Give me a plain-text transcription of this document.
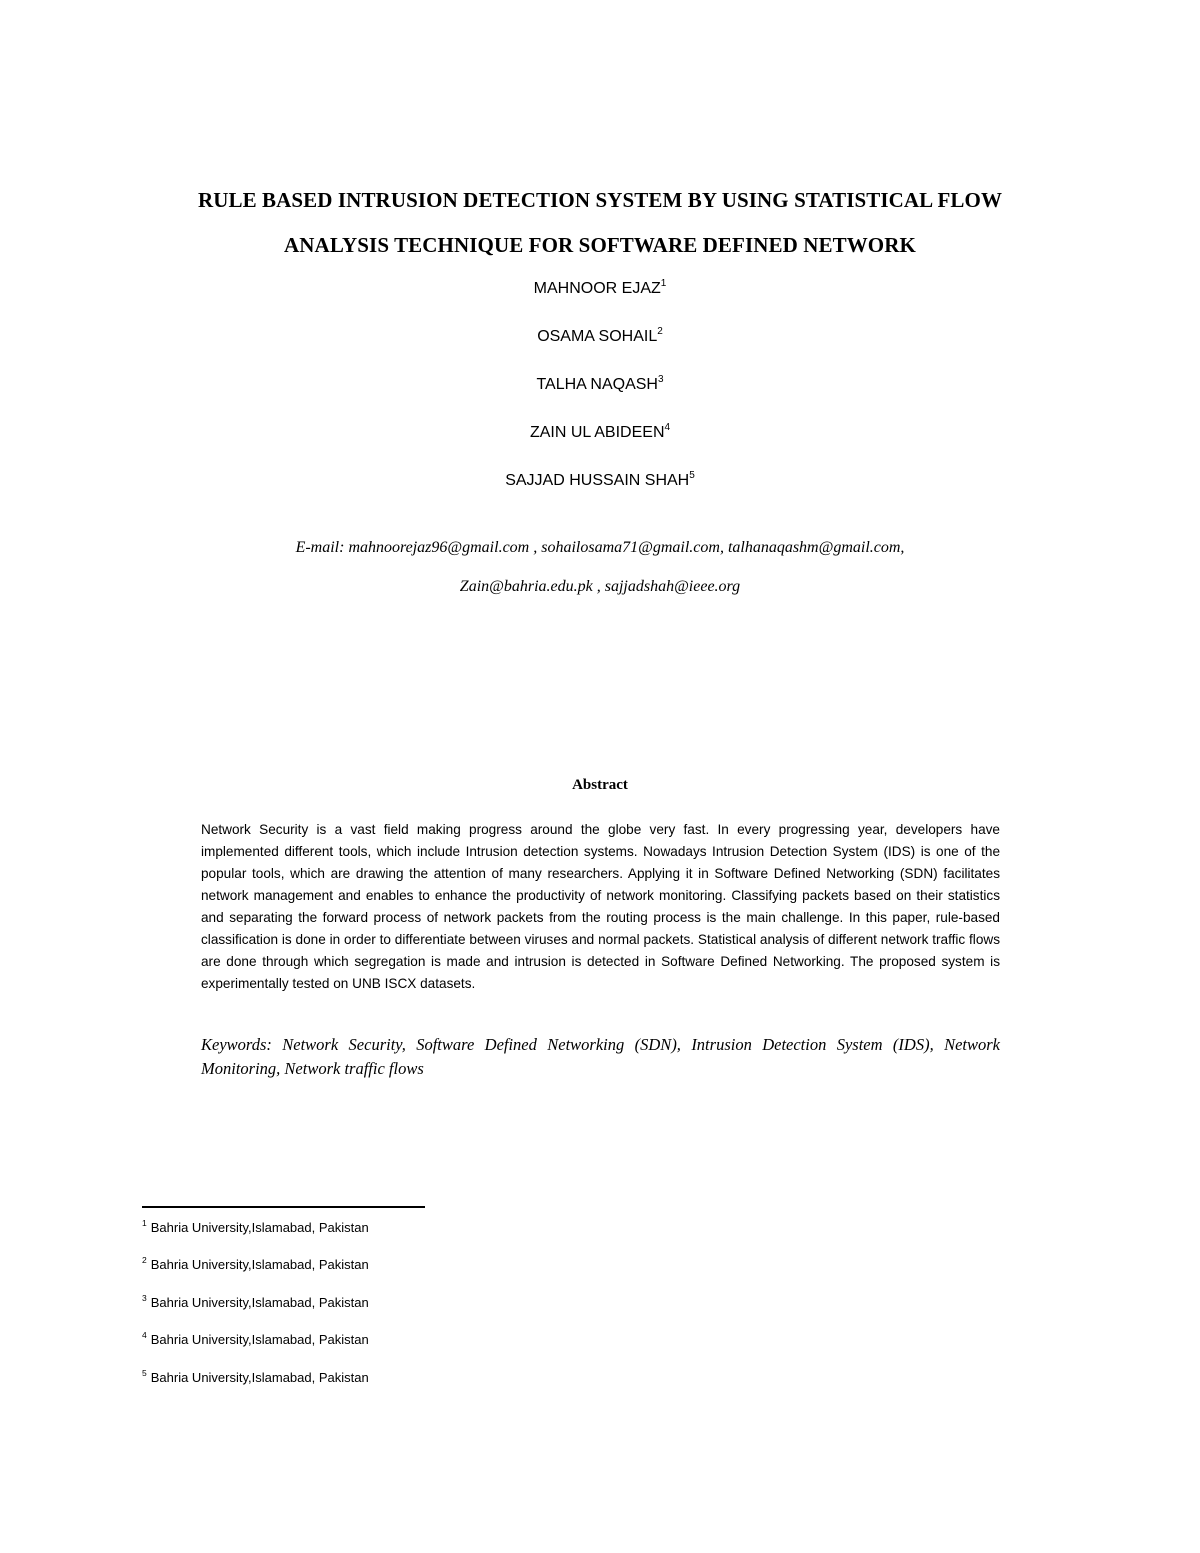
RULE BASED INTRUSION DETECTION SYSTEM BY USING STATISTICAL FLOW
ANALYSIS TECHNIQUE FOR SOFTWARE DEFINED NETWORK
MAHNOOR EJAZ$^1$
OSAMA SOHAIL$^2$
TALHA NAQASH$^3$
ZAIN UL ABIDEEN$^4$
SAJJAD HUSSAIN SHAH$^5$
E-mail: mahnoorejaz96@gmail.com , sohailosama71@gmail.com, talhanaqashm@gmail.com,
Zain@bahria.edu.pk , sajjadshah@ieee.org
Abstract

Network Security is a vast field making progress around the globe very fast. In every progressing year, developers have implemented different tools, which include Intrusion detection systems. Nowadays Intrusion Detection System (IDS) is one of the popular tools, which are drawing the attention of many researchers. Applying it in Software Defined Networking (SDN) facilitates network management and enables to enhance the productivity of network monitoring. Classifying packets based on their statistics and separating the forward process of network packets from the routing process is the main challenge. In this paper, rule-based classification is done in order to differentiate between viruses and normal packets. Statistical analysis of different network traffic flows are done through which segregation is made and intrusion is detected in Software Defined Networking. The proposed system is experimentally tested on UNB ISCX datasets.

Keywords: Network Security, Software Defined Networking (SDN), Intrusion Detection System (IDS), Network Monitoring, Network traffic flows

$^1$ Bahria University,Islamabad, Pakistan
$^2$ Bahria University,Islamabad, Pakistan
$^3$ Bahria University,Islamabad, Pakistan
$^4$ Bahria University,Islamabad, Pakistan
$^5$ Bahria University,Islamabad, Pakistan
